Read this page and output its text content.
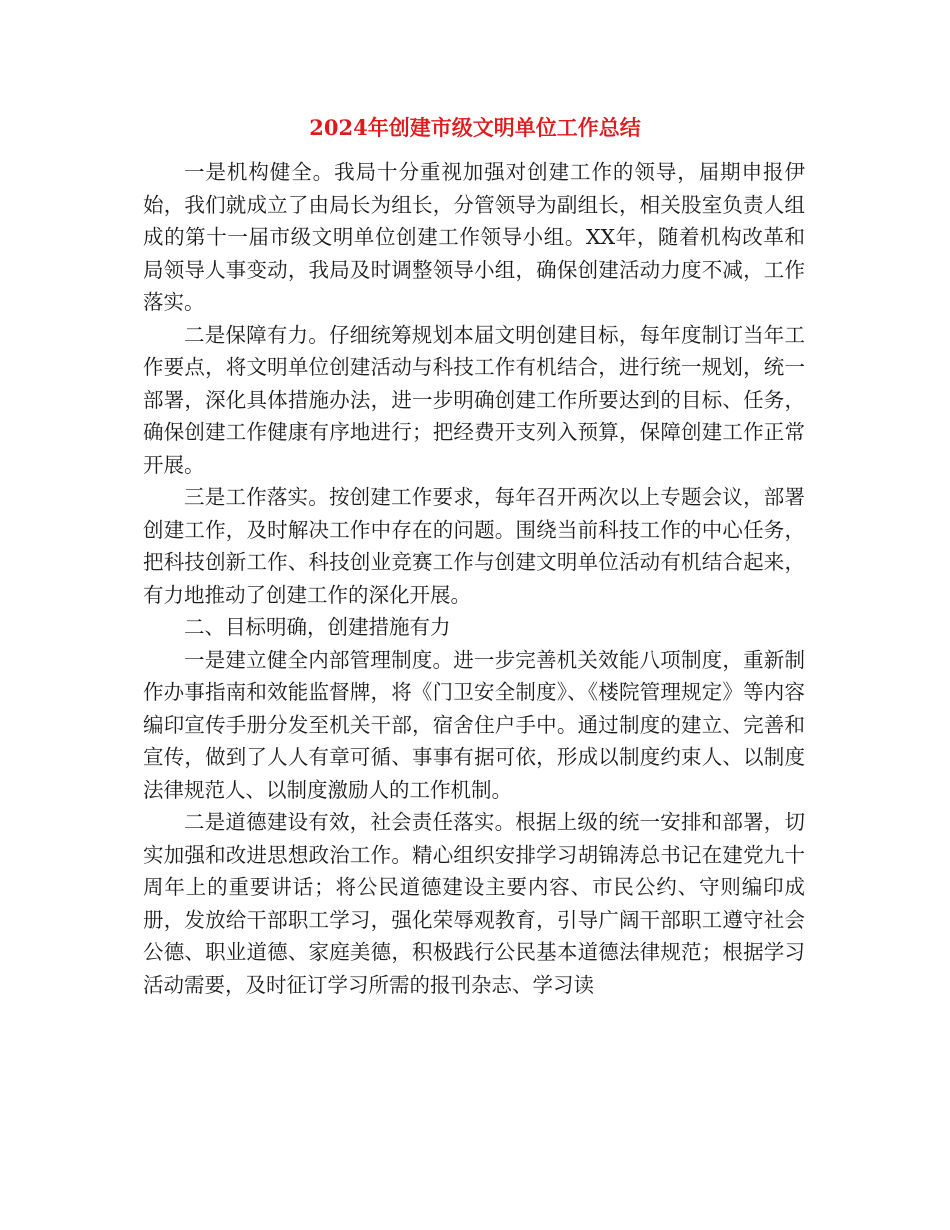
2024年创建市级文明单位工作总结

一是机构健全。我局十分重视加强对创建工作的领导，届期申报伊始，我们就成立了由局长为组长，分管领导为副组长，相关股室负责人组成的第十一届市级文明单位创建工作领导小组。XX年，随着机构改革和局领导人事变动，我局及时调整领导小组，确保创建活动力度不减，工作落实。

二是保障有力。仔细统筹规划本届文明创建目标，每年度制订当年工作要点，将文明单位创建活动与科技工作有机结合，进行统一规划，统一部署，深化具体措施办法，进一步明确创建工作所要达到的目标、任务，确保创建工作健康有序地进行；把经费开支列入预算，保障创建工作正常开展。

三是工作落实。按创建工作要求，每年召开两次以上专题会议，部署创建工作，及时解决工作中存在的问题。围绕当前科技工作的中心任务，把科技创新工作、科技创业竞赛工作与创建文明单位活动有机结合起来，有力地推动了创建工作的深化开展。

二、目标明确，创建措施有力

一是建立健全内部管理制度。进一步完善机关效能八项制度，重新制作办事指南和效能监督牌，将《门卫安全制度》、《楼院管理规定》等内容编印宣传手册分发至机关干部，宿舍住户手中。通过制度的建立、完善和宣传，做到了人人有章可循、事事有据可依，形成以制度约束人、以制度法律规范人、以制度激励人的工作机制。

二是道德建设有效，社会责任落实。根据上级的统一安排和部署，切实加强和改进思想政治工作。精心组织安排学习胡锦涛总书记在建党九十周年上的重要讲话；将公民道德建设主要内容、市民公约、守则编印成册，发放给干部职工学习，强化荣辱观教育，引导广阔干部职工遵守社会公德、职业道德、家庭美德，积极践行公民基本道德法律规范；根据学习活动需要，及时征订学习所需的报刊杂志、学习读
